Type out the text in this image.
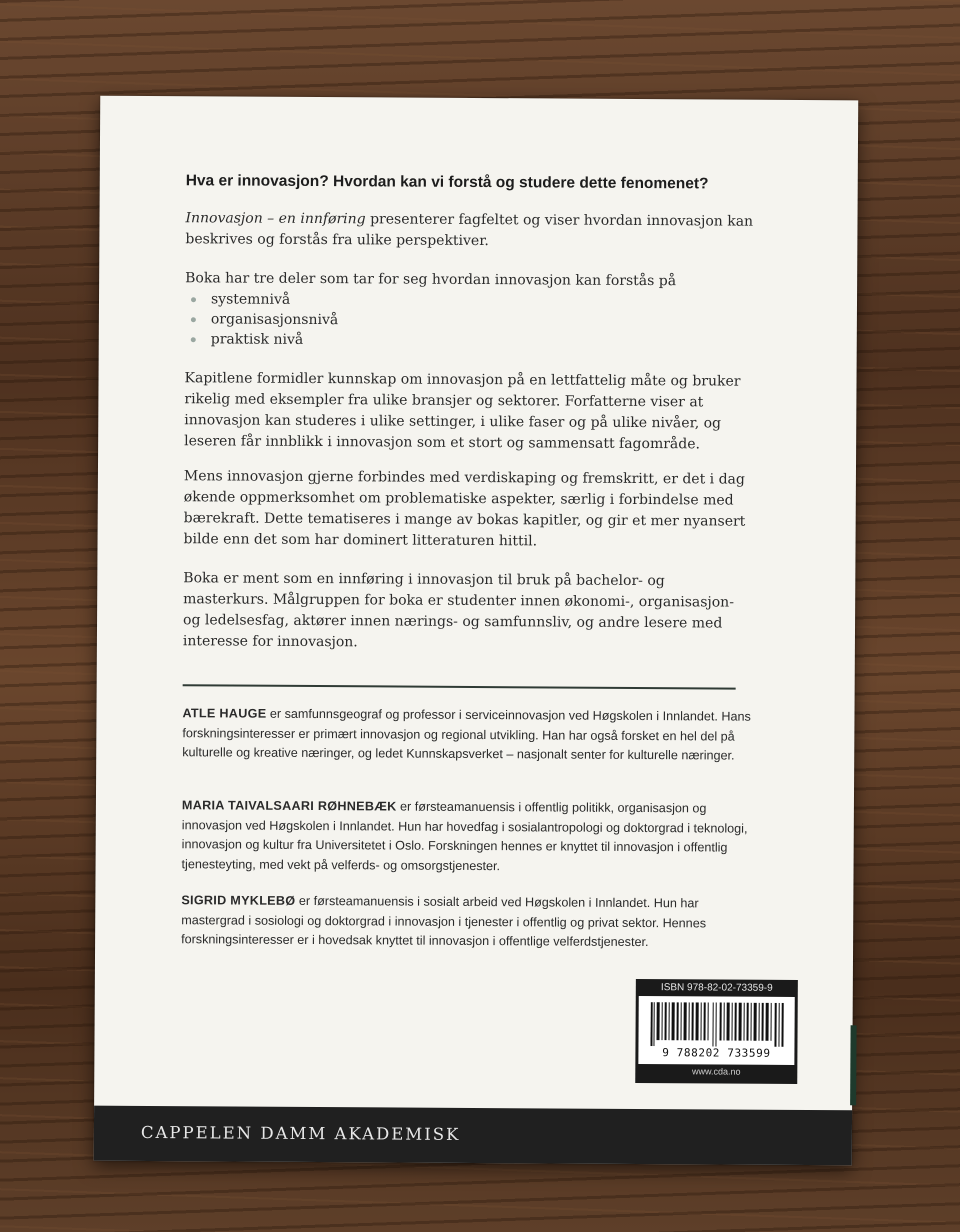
Hva er innovasjon? Hvordan kan vi forstå og studere dette fenomenet?

Innovasjon – en innføring presenterer fagfeltet og viser hvordan innovasjon kan beskrives og forstås fra ulike perspektiver.

Boka har tre deler som tar for seg hvordan innovasjon kan forstås på
systemnivå
organisasjonsnivå
praktisk nivå

Kapitlene formidler kunnskap om innovasjon på en lettfattelig måte og bruker rikelig med eksempler fra ulike bransjer og sektorer. Forfatterne viser at innovasjon kan studeres i ulike settinger, i ulike faser og på ulike nivåer, og leseren får innblikk i innovasjon som et stort og sammensatt fagområde.

Mens innovasjon gjerne forbindes med verdiskaping og fremskritt, er det i dag økende oppmerksomhet om problematiske aspekter, særlig i forbindelse med bærekraft. Dette tematiseres i mange av bokas kapitler, og gir et mer nyansert bilde enn det som har dominert litteraturen hittil.

Boka er ment som en innføring i innovasjon til bruk på bachelor- og masterkurs. Målgruppen for boka er studenter innen økonomi-, organisasjon- og ledelsesfag, aktører innen nærings- og samfunnsliv, og andre lesere med interesse for innovasjon.

ATLE HAUGE er samfunnsgeograf og professor i serviceinnovasjon ved Høgskolen i Innlandet. Hans forskningsinteresser er primært innovasjon og regional utvikling. Han har også forsket en hel del på kulturelle og kreative næringer, og ledet Kunnskapsverket – nasjonalt senter for kulturelle næringer.
MARIA TAIVALSAARI RØHNEBÆK er førsteamanuensis i offentlig politikk, organisasjon og innovasjon ved Høgskolen i Innlandet. Hun har hovedfag i sosialantropologi og doktorgrad i teknologi, innovasjon og kultur fra Universitetet i Oslo. Forskningen hennes er knyttet til innovasjon i offentlig tjenesteyting, med vekt på velferds- og omsorgstjenester.
SIGRID MYKLEBØ er førsteamanuensis i sosialt arbeid ved Høgskolen i Innlandet. Hun har mastergrad i sosiologi og doktorgrad i innovasjon i tjenester i offentlig og privat sektor. Hennes forskningsinteresser er i hovedsak knyttet til innovasjon i offentlige velferdstjenester.
ISBN 978-82-02-73359-9
9 788202 733599
www.cda.no
CAPPELEN DAMM AKADEMISK
